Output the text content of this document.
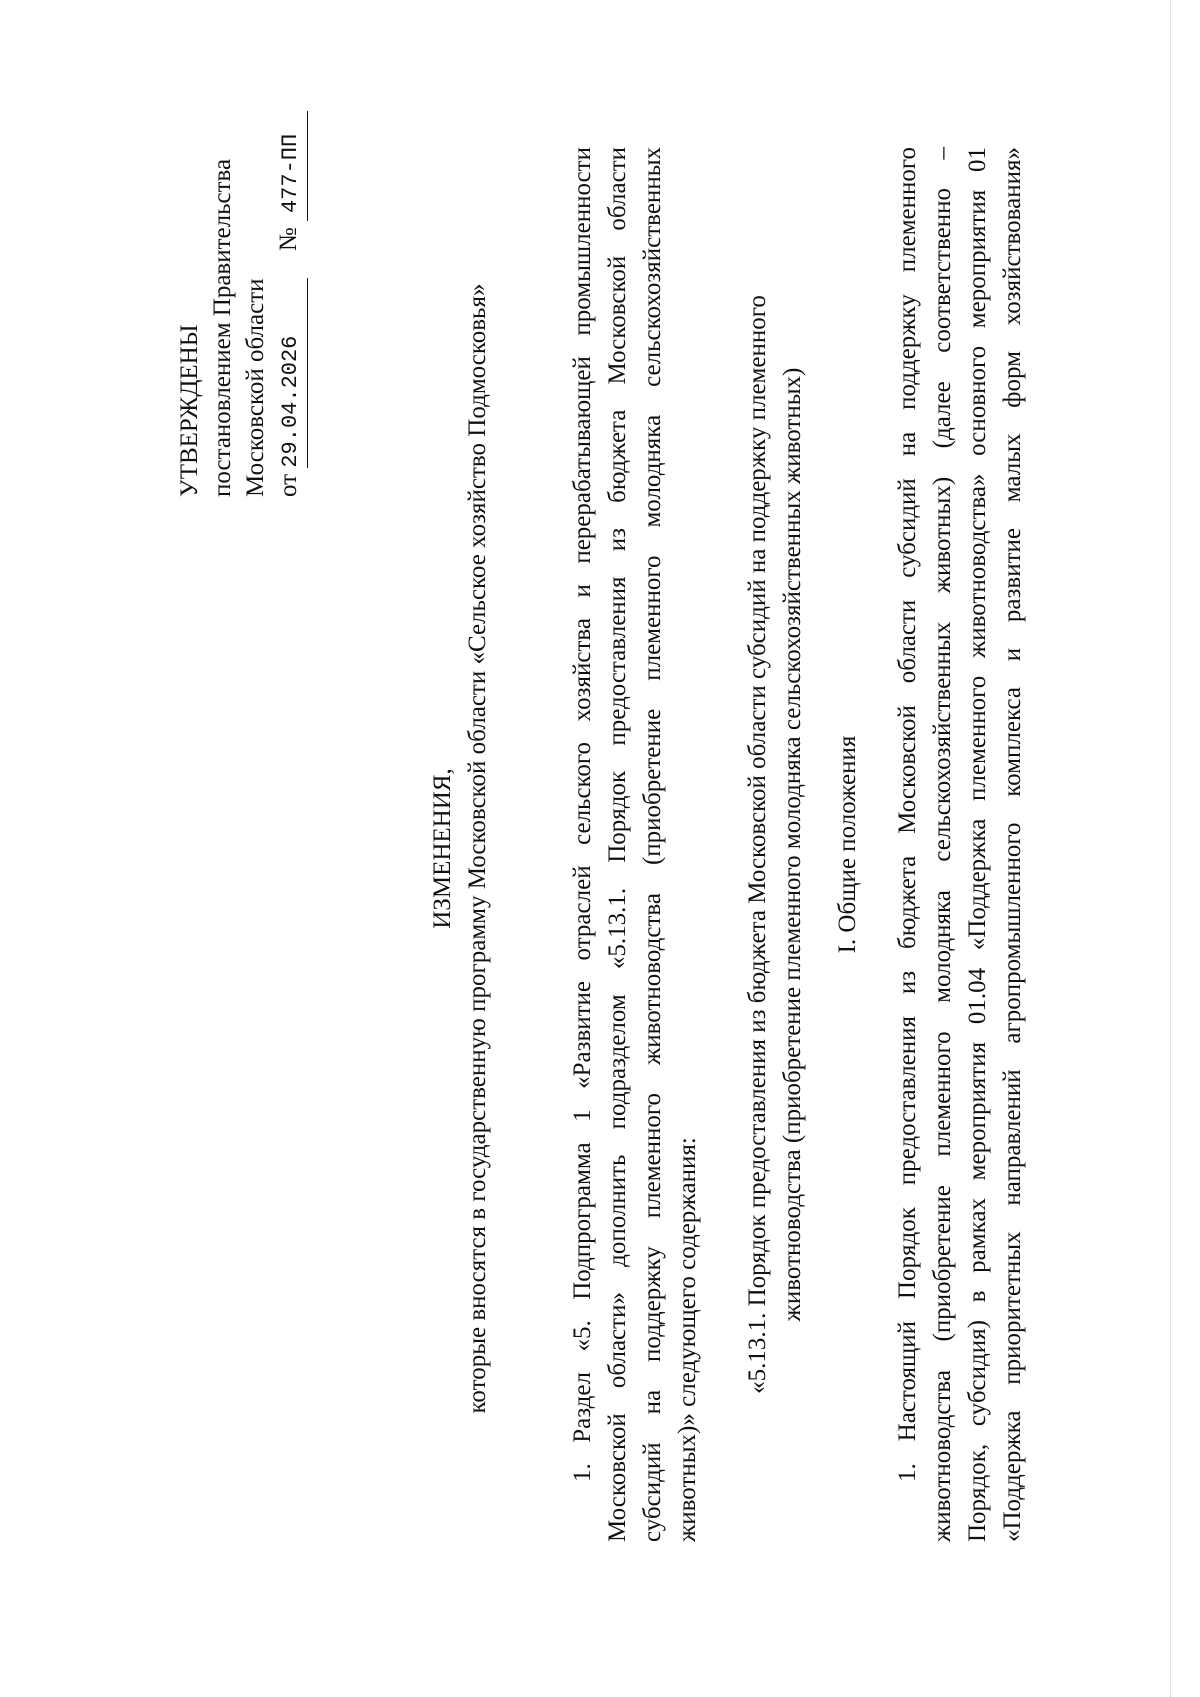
УТВЕРЖДЕНЫ постановлением Правительства Московской области от 29.04.2026  № 477-ПП
ИЗМЕНЕНИЯ, которые вносятся в государственную программу Московской области «Сельское хозяйство Подмосковья»	1. Раздел «5. Подпрограмма 1 «Развитие отраслей сельского хозяйства и перерабатывающей промышленности Московской области» дополнить подразделом «5.13.1. Порядок предоставления из бюджета Московской области субсидий на поддержку племенного животноводства (приобретение племенного молодняка сельскохозяйственных животных)» следующего содержания: «5.13.1. Порядок предоставления из бюджета Московской области субсидий на поддержку племенного животноводства (приобретение племенного молодняка сельскохозяйственных животных) I. Общие положения 1. Настоящий Порядок предоставления из бюджета Московской области субсидий на поддержку племенного животноводства (приобретение племенного молодняка сельскохозяйственных животных) (далее соответственно – Порядок, субсидия) в рамках мероприятия 01.04 «Поддержка племенного животноводства» основного мероприятия 01 «Поддержка приоритетных направлений агропромышленного комплекса и развитие малых форм хозяйствования»
